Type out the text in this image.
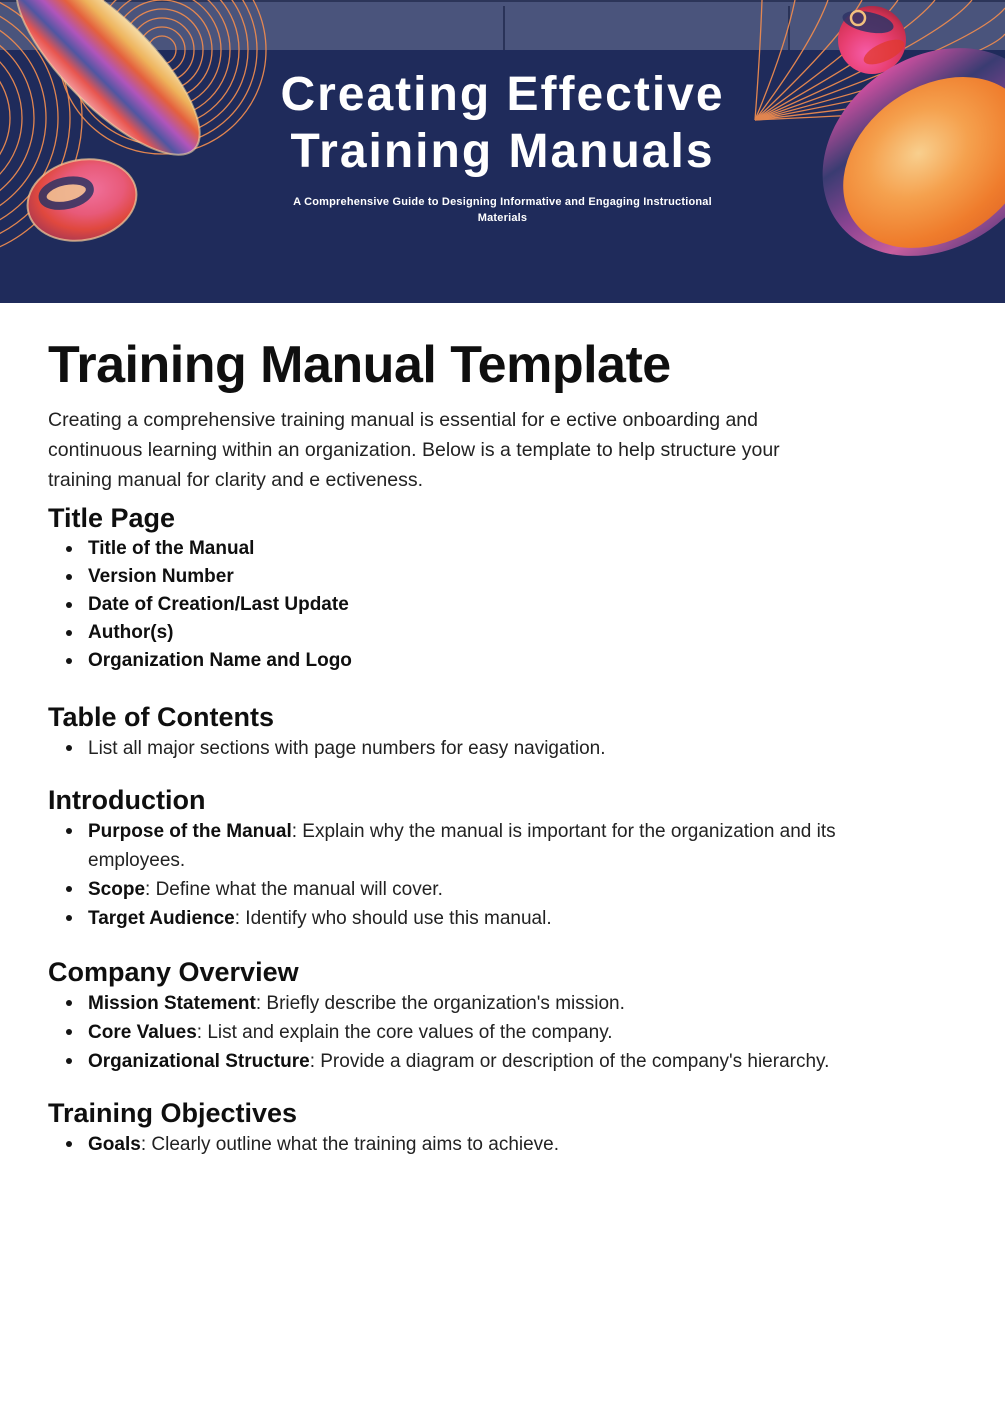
Creating Effective
Training Manuals

A Comprehensive Guide to Designing Informative and Engaging Instructional
Materials

Training Manual Template

Creating a comprehensive training manual is essential for e ective onboarding and
continuous learning within an organization. Below is a template to help structure your
training manual for clarity and e ectiveness.

Title Page
Title of the Manual
Version Number
Date of Creation/Last Update
Author(s)
Organization Name and Logo
Table of Contents
List all major sections with page numbers for easy navigation.
Introduction
Purpose of the Manual: Explain why the manual is important for the organization and its employees.
Scope: Define what the manual will cover.
Target Audience: Identify who should use this manual.
Company Overview
Mission Statement: Briefly describe the organization's mission.
Core Values: List and explain the core values of the company.
Organizational Structure: Provide a diagram or description of the company's hierarchy.
Training Objectives
Goals: Clearly outline what the training aims to achieve.
